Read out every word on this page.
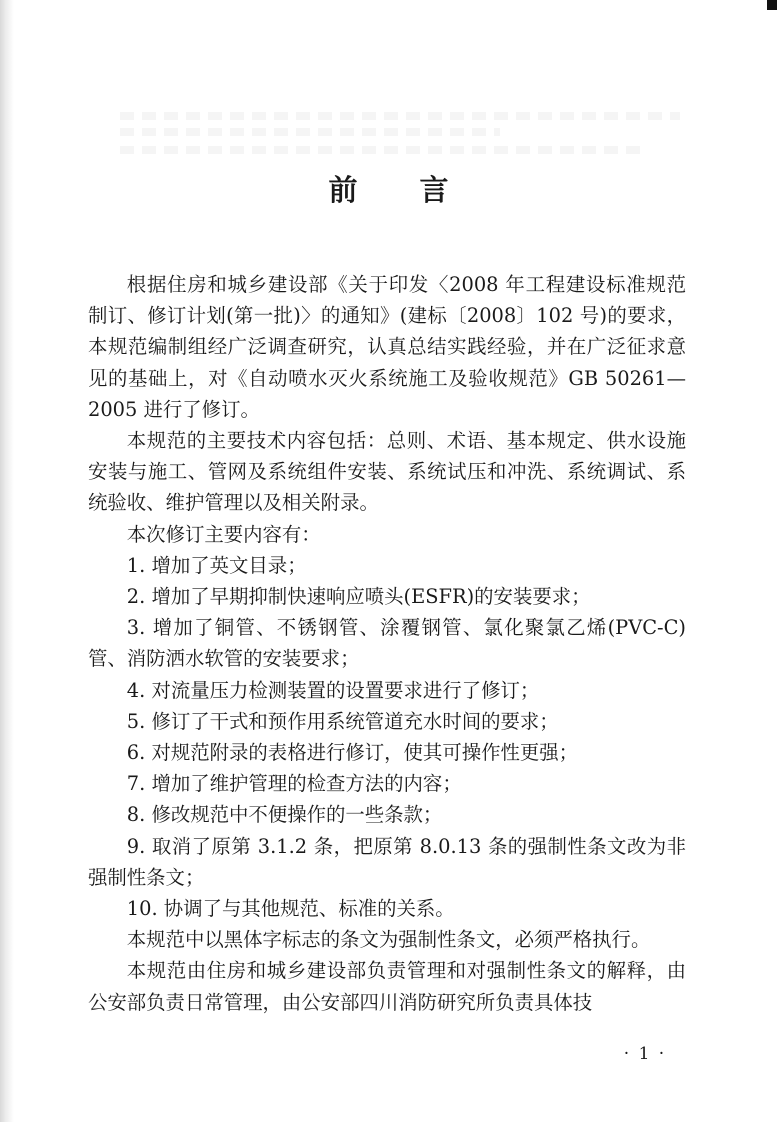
前 言

根据住房和城乡建设部《关于印发〈2008 年工程建设标准规范制订、修订计划(第一批)〉的通知》(建标〔2008〕102 号)的要求，本规范编制组经广泛调查研究，认真总结实践经验，并在广泛征求意见的基础上，对《自动喷水灭火系统施工及验收规范》GB 50261—2005 进行了修订。

本规范的主要技术内容包括：总则、术语、基本规定、供水设施安装与施工、管网及系统组件安装、系统试压和冲洗、系统调试、系统验收、维护管理以及相关附录。

本次修订主要内容有：

1. 增加了英文目录；

2. 增加了早期抑制快速响应喷头(ESFR)的安装要求；

3. 增加了铜管、不锈钢管、涂覆钢管、氯化聚氯乙烯(PVC-C)管、消防洒水软管的安装要求；

4. 对流量压力检测装置的设置要求进行了修订；

5. 修订了干式和预作用系统管道充水时间的要求；

6. 对规范附录的表格进行修订，使其可操作性更强；

7. 增加了维护管理的检查方法的内容；

8. 修改规范中不便操作的一些条款；

9. 取消了原第 3.1.2 条，把原第 8.0.13 条的强制性条文改为非强制性条文；

10. 协调了与其他规范、标准的关系。

本规范中以黑体字标志的条文为强制性条文，必须严格执行。

本规范由住房和城乡建设部负责管理和对强制性条文的解释，由公安部负责日常管理，由公安部四川消防研究所负责具体技

· 1 ·
